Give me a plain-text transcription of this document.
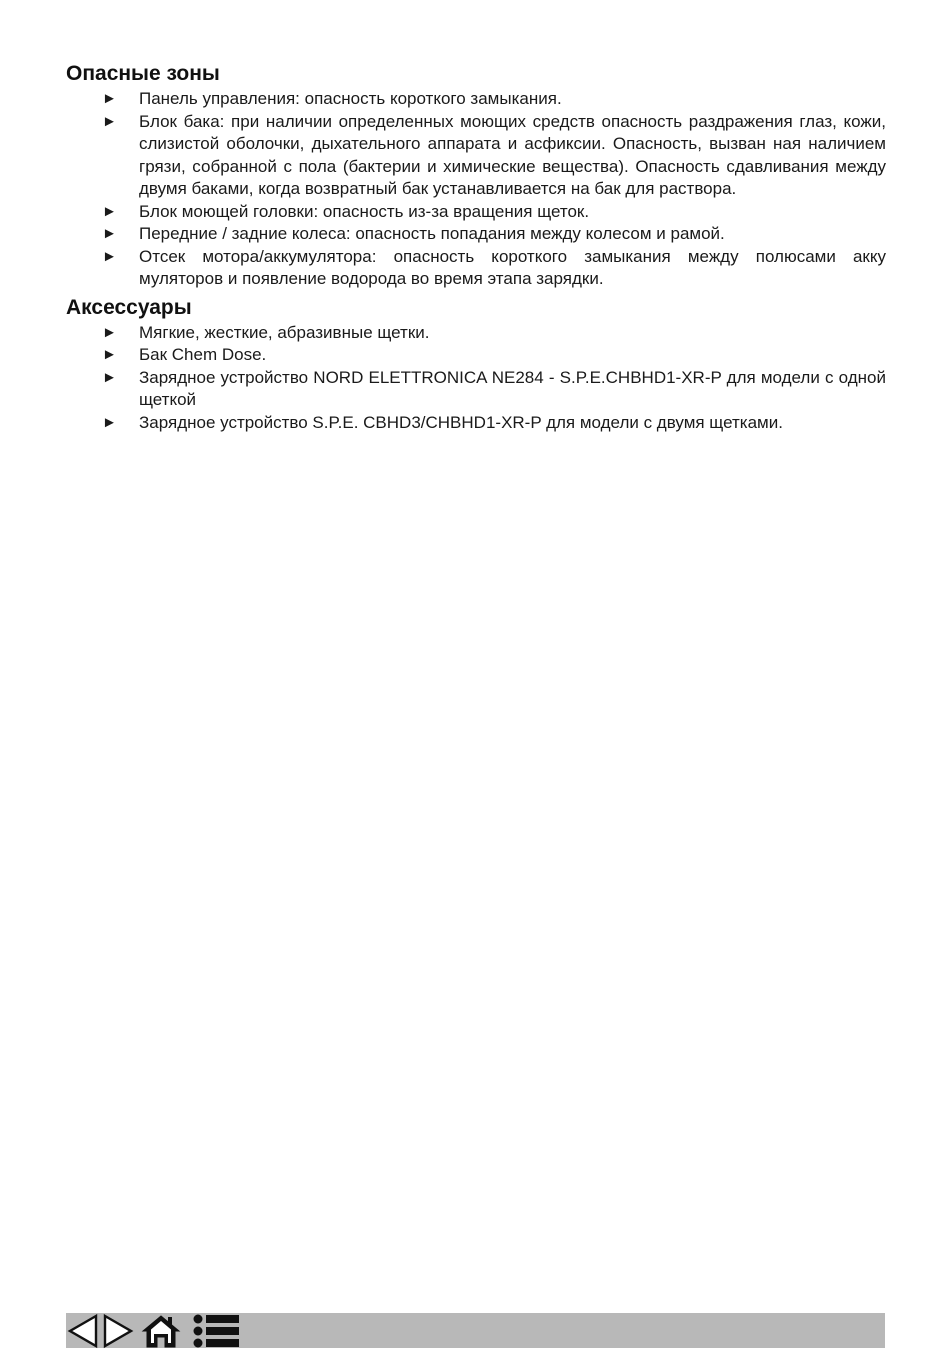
Опасные зоны
► Панель управления: опасность короткого замыкания.
► Блок бака: при наличии определенных моющих средств опасность раздражения глаз, кожи, слизистой оболочки, дыхательного аппарата и асфиксии. Опасность, вызван ная наличием грязи, собранной с пола (бактерии и химические вещества). Опасность сдавливания между двумя баками, когда возвратный бак устанавливается на бак для раствора.
► Блок моющей головки: опасность из-за вращения щеток.
► Передние / задние колеса: опасность попадания между колесом и рамой.
► Отсек мотора/аккумулятора: опасность короткого замыкания между полюсами акку муляторов и появление водорода во время этапа зарядки.
Аксессуары
► Мягкие, жесткие, абразивные щетки.
► Бак Chem Dose.
► Зарядное устройство NORD ELETTRONICA NE284 - S.P.E.CHBHD1-XR-P для модели с одной щеткой
► Зарядное устройство S.P.E. CBHD3/CHBHD1-XR-P для модели с двумя щетками.
